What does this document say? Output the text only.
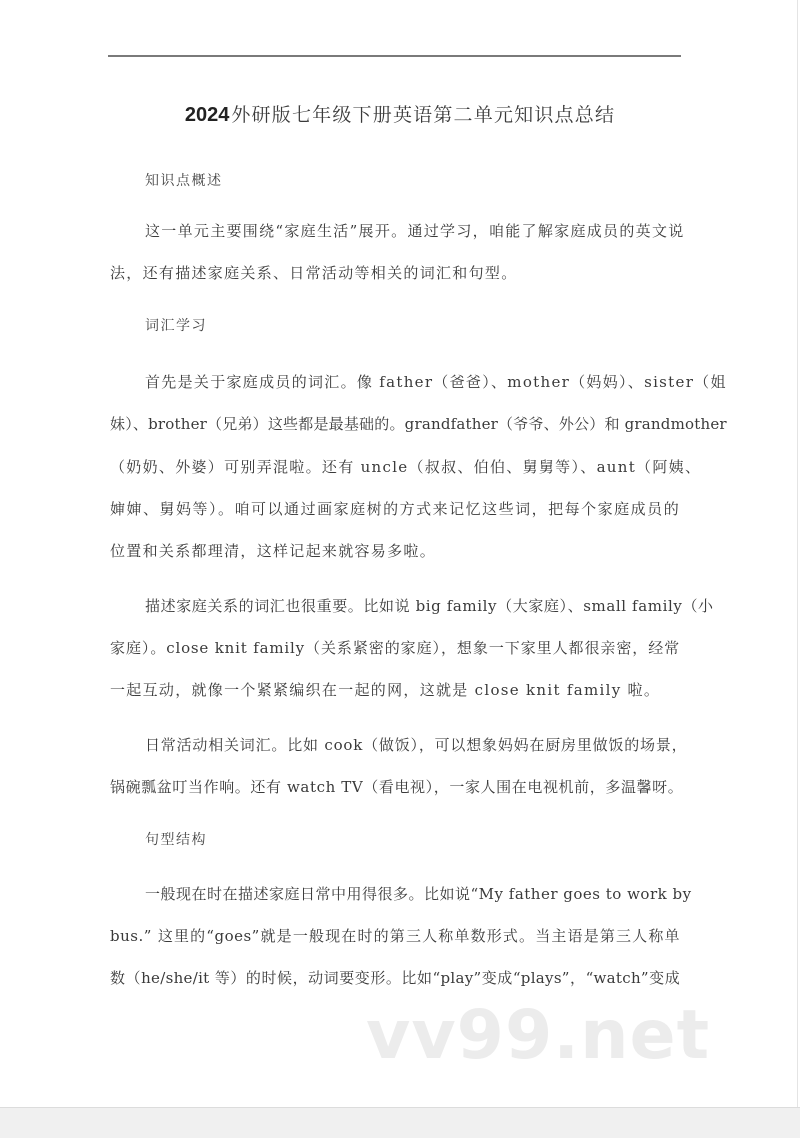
2024 外研版七年级下册英语第二单元知识点总结
知识点概述
这一单元主要围绕“家庭生活”展开。通过学习，咱能了解家庭成员的英文说
法，还有描述家庭关系、日常活动等相关的词汇和句型。
词汇学习
首先是关于家庭成员的词汇。像 father（爸爸）、mother（妈妈）、sister（姐
妹）、brother（兄弟）这些都是最基础的。grandfather（爷爷、外公）和 grandmother
（奶奶、外婆）可别弄混啦。还有 uncle（叔叔、伯伯、舅舅等）、aunt（阿姨、
婶婶、舅妈等）。咱可以通过画家庭树的方式来记忆这些词，把每个家庭成员的
位置和关系都理清，这样记起来就容易多啦。
描述家庭关系的词汇也很重要。比如说 big family（大家庭）、small family（小
家庭）。close knit family（关系紧密的家庭），想象一下家里人都很亲密，经常
一起互动，就像一个紧紧编织在一起的网，这就是 close knit family 啦。
日常活动相关词汇。比如 cook（做饭），可以想象妈妈在厨房里做饭的场景，
锅碗瓢盆叮当作响。还有 watch TV（看电视），一家人围在电视机前，多温馨呀。
句型结构
一般现在时在描述家庭日常中用得很多。比如说“My father goes to work by
bus.” 这里的“goes”就是一般现在时的第三人称单数形式。当主语是第三人称单
数（he/she/it 等）的时候，动词要变形。比如“play”变成“plays”，“watch”变成
vv99.net
